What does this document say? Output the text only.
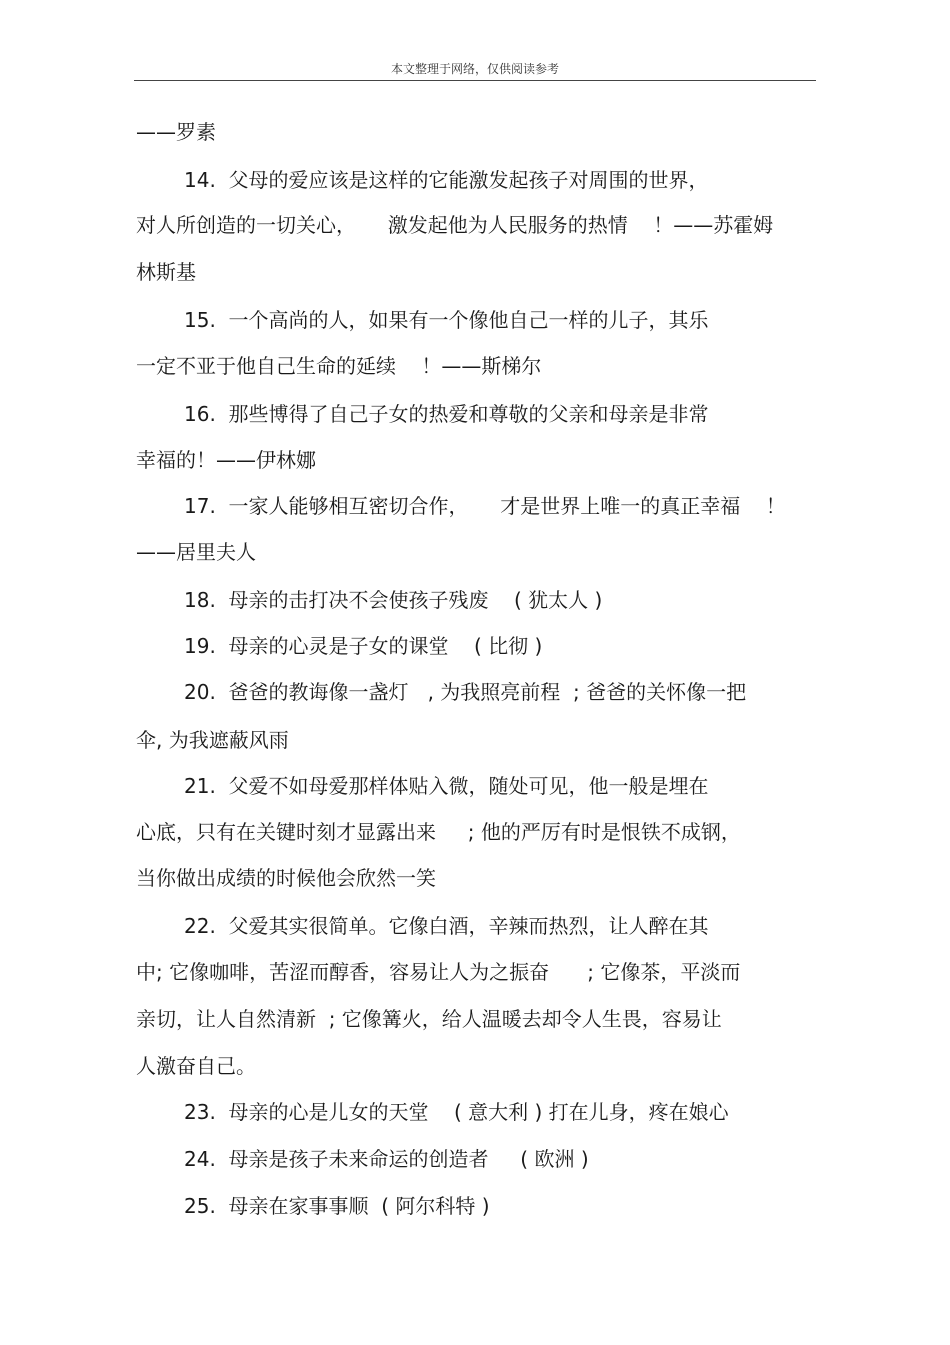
本文整理于网络，仅供阅读参考
——罗素
14.  父母的爱应该是这样的它能激发起孩子对周围的世界，
对人所创造的一切关心，     激发起他为人民服务的热情    ！——苏霍姆
林斯基
15.  一个高尚的人，如果有一个像他自己一样的儿子，其乐
一定不亚于他自己生命的延续    ！——斯梯尔
16.  那些博得了自己子女的热爱和尊敬的父亲和母亲是非常
幸福的！——伊林娜
17.  一家人能够相互密切合作，     才是世界上唯一的真正幸福    ！
——居里夫人
18.  母亲的击打决不会使孩子残废    ( 犹太人 )
19.  母亲的心灵是子女的课堂    ( 比彻 )
20.  爸爸的教诲像一盏灯   , 为我照亮前程  ; 爸爸的关怀像一把
伞, 为我遮蔽风雨
21.  父爱不如母爱那样体贴入微，随处可见，他一般是埋在
心底，只有在关键时刻才显露出来     ; 他的严厉有时是恨铁不成钢，
当你做出成绩的时候他会欣然一笑
22.  父爱其实很简单。它像白酒，辛辣而热烈，让人醉在其
中; 它像咖啡，苦涩而醇香，容易让人为之振奋      ; 它像茶，平淡而
亲切，让人自然清新  ; 它像篝火，给人温暖去却令人生畏，容易让
人激奋自己。
23.  母亲的心是儿女的天堂    ( 意大利 ) 打在儿身，疼在娘心
24.  母亲是孩子未来命运的创造者     ( 欧洲 )
25.  母亲在家事事顺  ( 阿尔科特 )
